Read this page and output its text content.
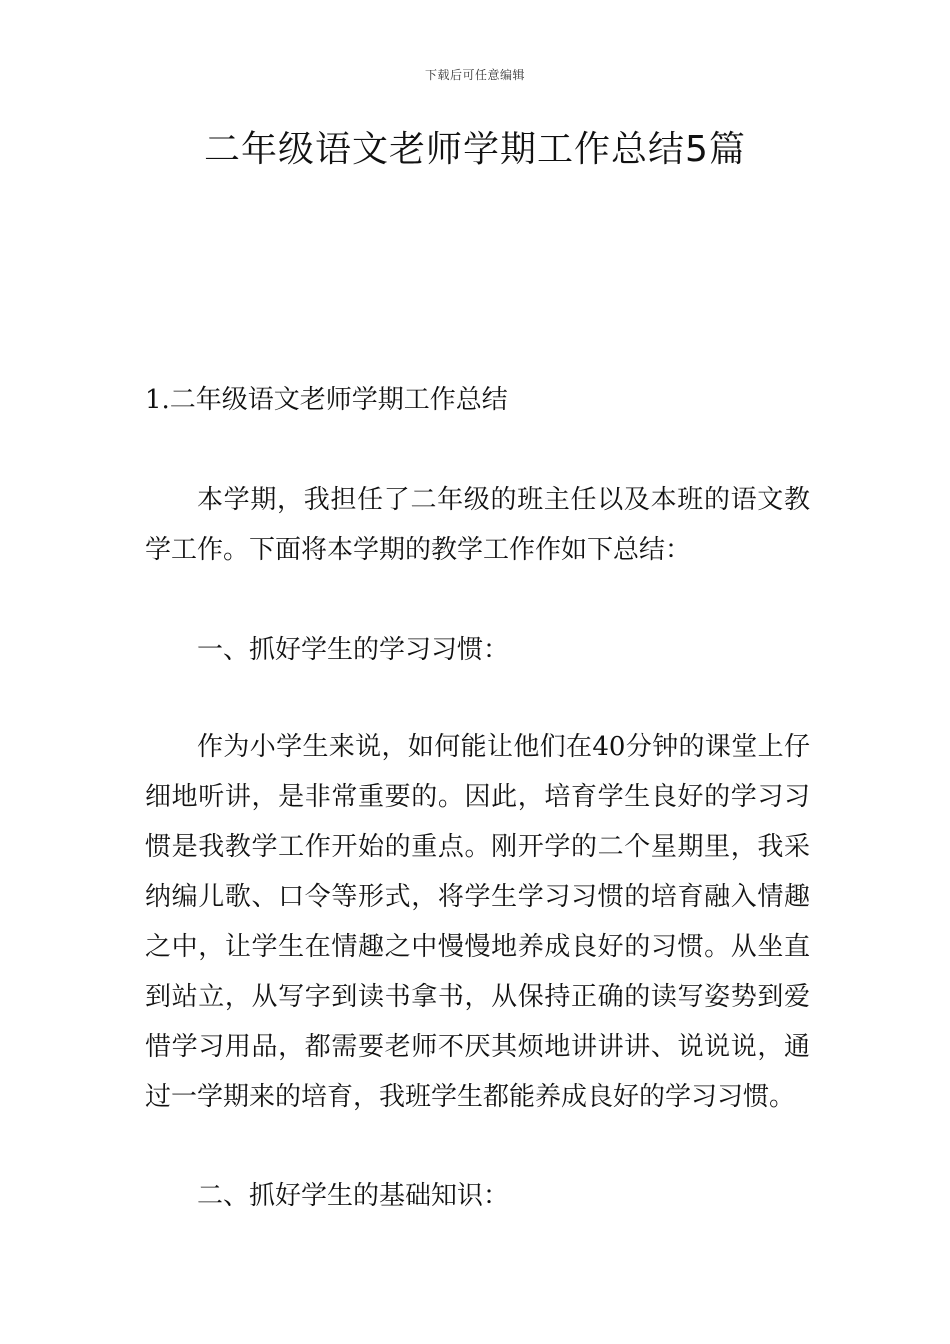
下载后可任意编辑
二年级语文老师学期工作总结5篇
1.二年级语文老师学期工作总结

本学期，我担任了二年级的班主任以及本班的语文教学工作。下面将本学期的教学工作作如下总结：

一、抓好学生的学习习惯：

作为小学生来说，如何能让他们在40分钟的课堂上仔细地听讲，是非常重要的。因此，培育学生良好的学习习惯是我教学工作开始的重点。刚开学的二个星期里，我采纳编儿歌、口令等形式，将学生学习习惯的培育融入情趣之中，让学生在情趣之中慢慢地养成良好的习惯。从坐直到站立，从写字到读书拿书，从保持正确的读写姿势到爱惜学习用品，都需要老师不厌其烦地讲讲讲、说说说，通过一学期来的培育，我班学生都能养成良好的学习习惯。

二、抓好学生的基础知识：
